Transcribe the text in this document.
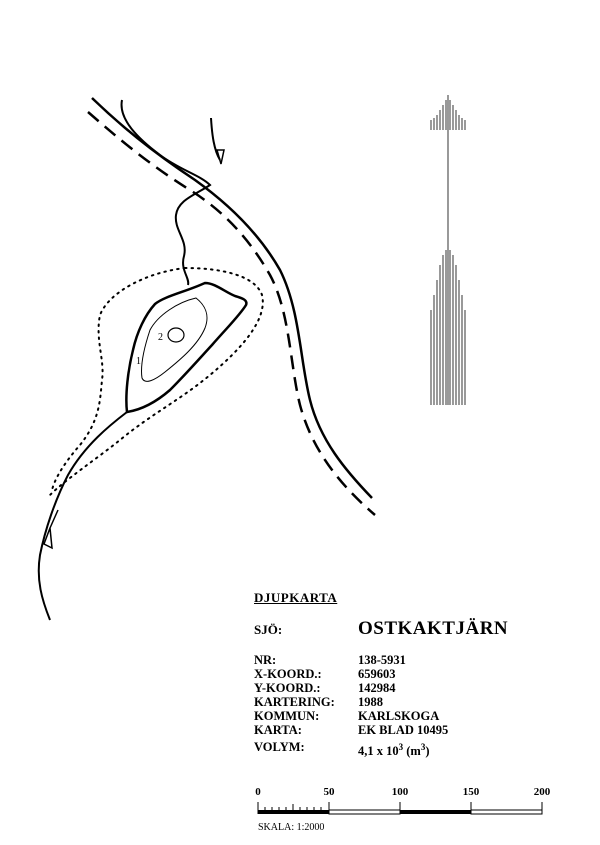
1
2
DJUPKARTA
SJÖ:	OSTKAKTJÄRN
NR:	138-5931
X-KOORD.:	659603
Y-KOORD.:	142984
KARTERING:	1988
KOMMUN:	KARLSKOGA
KARTA:	EK BLAD 10495
VOLYM:	4,1 x $10^3$ $(m^3)$
0	50	100	150	200
SKALA: 1:2000
